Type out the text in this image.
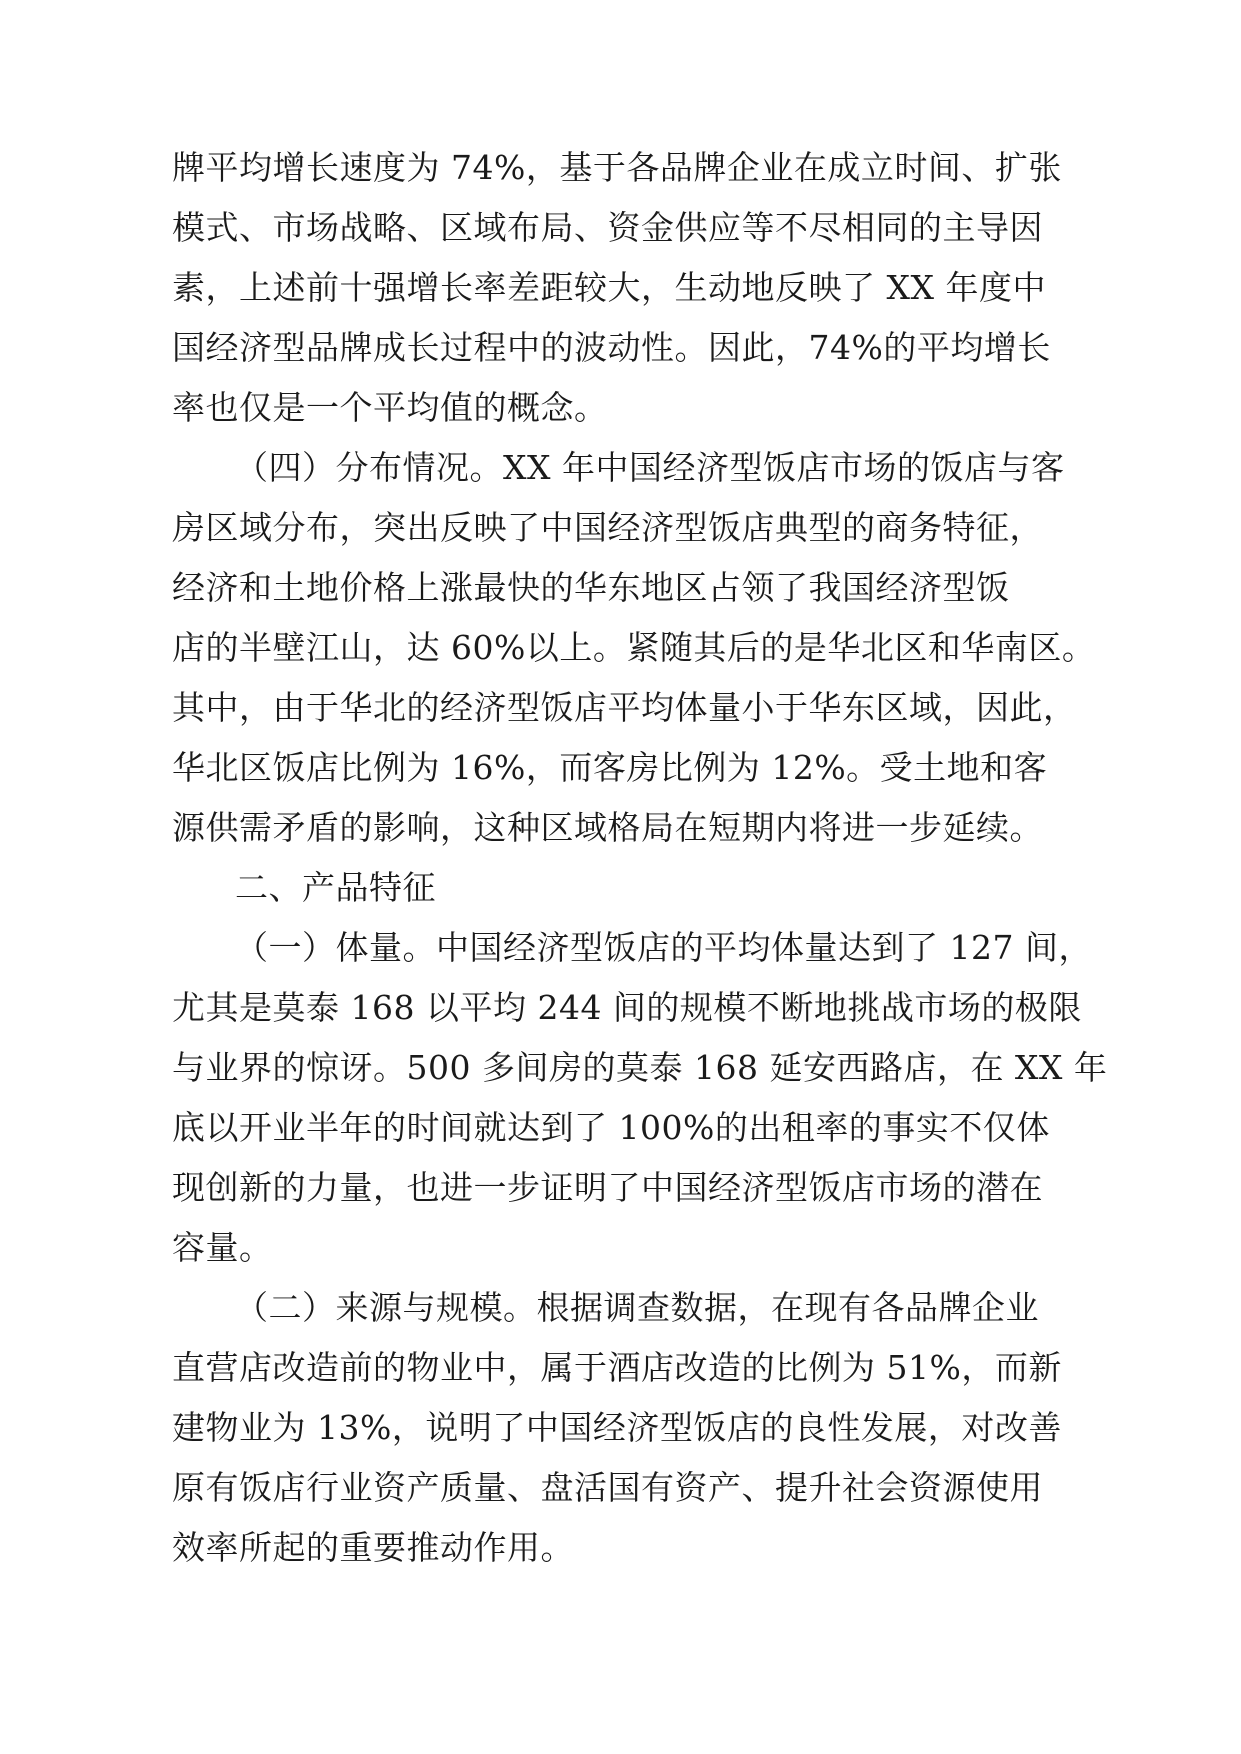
牌平均增长速度为 74%，基于各品牌企业在成立时间、扩张
模式、市场战略、区域布局、资金供应等不尽相同的主导因
素，上述前十强增长率差距较大，生动地反映了 XX 年度中
国经济型品牌成长过程中的波动性。因此，74%的平均增长
率也仅是一个平均值的概念。
（四）分布情况。XX 年中国经济型饭店市场的饭店与客
房区域分布，突出反映了中国经济型饭店典型的商务特征，
经济和土地价格上涨最快的华东地区占领了我国经济型饭
店的半壁江山，达 60%以上。紧随其后的是华北区和华南区。
其中，由于华北的经济型饭店平均体量小于华东区域，因此，
华北区饭店比例为 16%，而客房比例为 12%。受土地和客
源供需矛盾的影响，这种区域格局在短期内将进一步延续。
二、产品特征
（一）体量。中国经济型饭店的平均体量达到了 127 间，
尤其是莫泰 168 以平均 244 间的规模不断地挑战市场的极限
与业界的惊讶。500 多间房的莫泰 168 延安西路店，在 XX 年
底以开业半年的时间就达到了 100%的出租率的事实不仅体
现创新的力量，也进一步证明了中国经济型饭店市场的潜在
容量。
（二）来源与规模。根据调查数据，在现有各品牌企业
直营店改造前的物业中，属于酒店改造的比例为 51%，而新
建物业为 13%，说明了中国经济型饭店的良性发展，对改善
原有饭店行业资产质量、盘活国有资产、提升社会资源使用
效率所起的重要推动作用。
